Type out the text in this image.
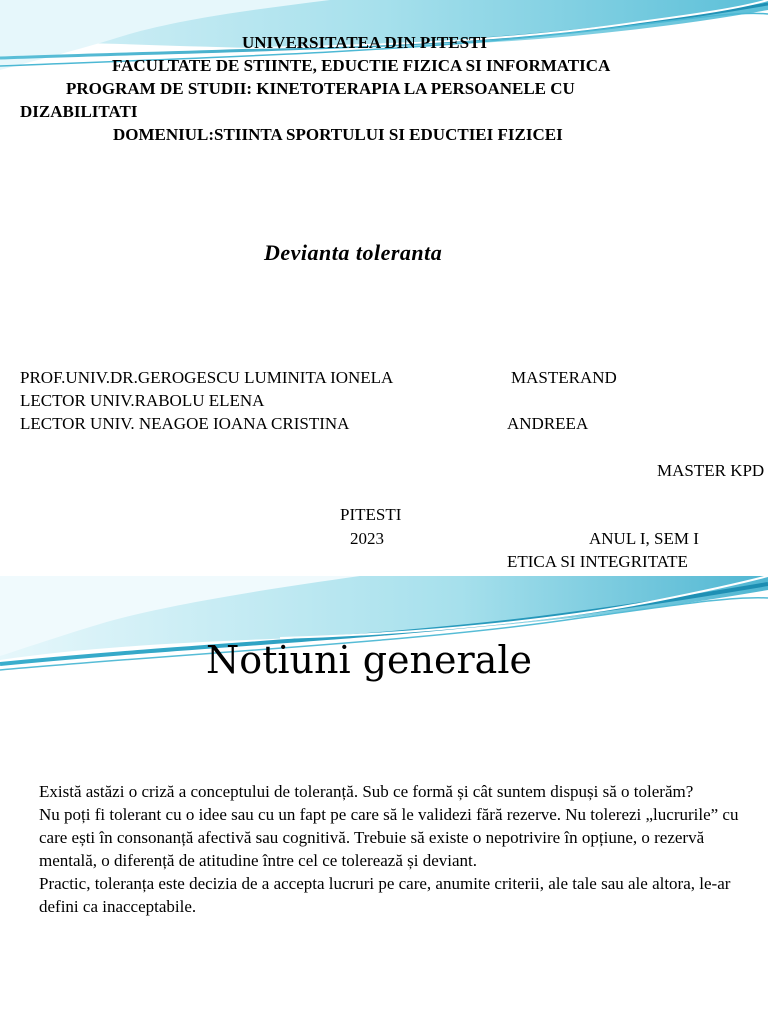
UNIVERSITATEA DIN PITESTI
FACULTATE DE STIINTE, EDUCTIE FIZICA SI INFORMATICA
PROGRAM DE STUDII: KINETOTERAPIA LA PERSOANELE CU
DIZABILITATI
DOMENIUL:STIINTA SPORTULUI SI EDUCTIEI FIZICEI
Devianta toleranta
PROF.UNIV.DR.GEROGESCU LUMINITA IONELA
LECTOR UNIV.RABOLU ELENA
LECTOR UNIV. NEAGOE IOANA CRISTINA
MASTERAND
ANDREEA
MASTER KPD
PITESTI
2023	ANUL I, SEM I
ETICA SI INTEGRITATE
Notiuni generale
Există astăzi o criză a conceptului de toleranță. Sub ce formă și cât suntem dispuși să o tolerăm?
Nu poți fi tolerant cu o idee sau cu un fapt pe care să le validezi fără rezerve. Nu tolerezi „lucrurile” cu care ești în consonanță afectivă sau cognitivă. Trebuie să existe o nepotrivire în opțiune, o rezervă mentală, o diferență de atitudine între cel ce tolerează și deviant.
Practic, toleranța este decizia de a accepta lucruri pe care, anumite criterii, ale tale sau ale altora, le-ar defini ca inacceptabile.
